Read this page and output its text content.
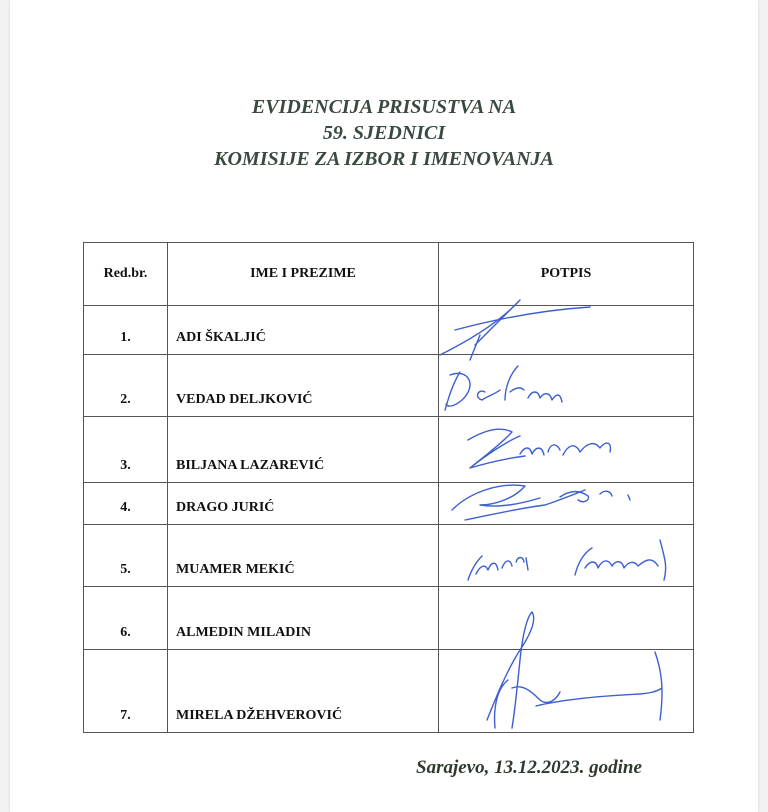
EVIDENCIJA PRISUSTVA NA
59. SJEDNICI
KOMISIJE ZA IZBOR I IMENOVANJA
Red.br.	IME I PREZIME	POTPIS
1.	ADI ŠKALJIĆ	
2.	VEDAD DELJKOVIĆ	
3.	BILJANA LAZAREVIĆ	
4.	DRAGO JURIĆ	
5.	MUAMER MEKIĆ	
6.	ALMEDIN MILADIN	
7.	MIRELA DŽEHVEROVIĆ	
Sarajevo, 13.12.2023. godine
